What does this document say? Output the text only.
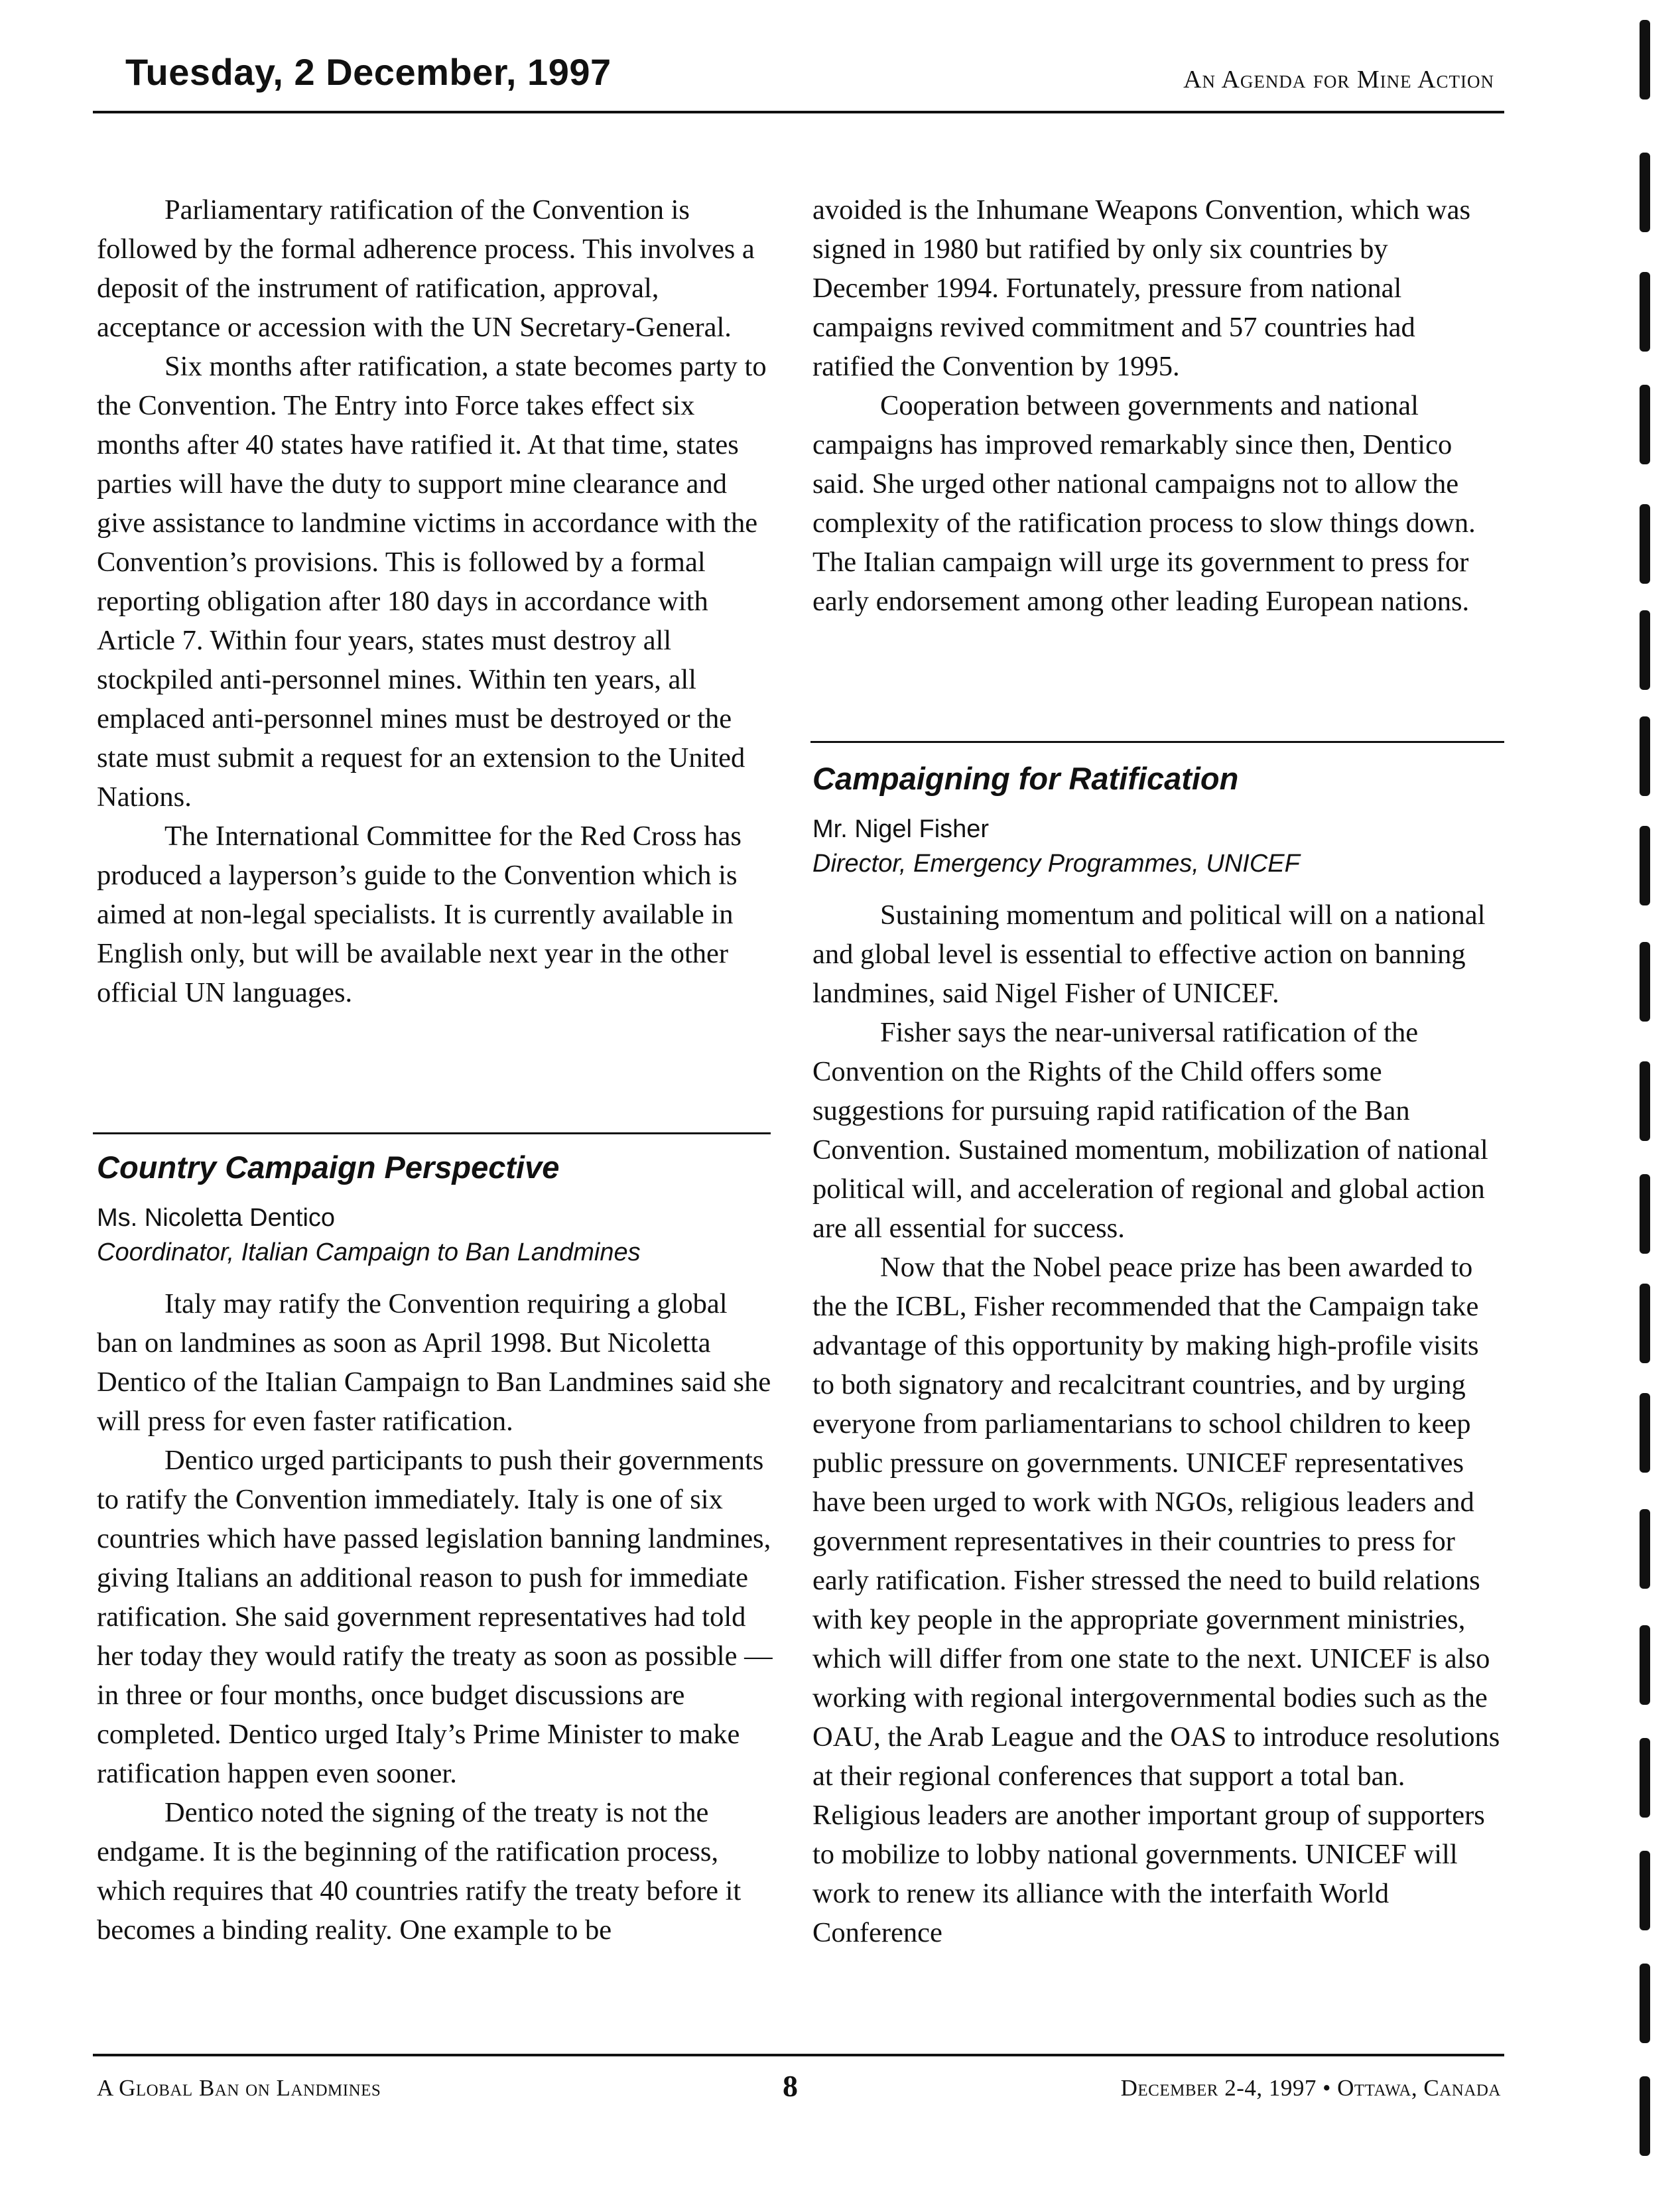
Tuesday, 2 December, 1997	An Agenda for Mine Action

Parliamentary ratification of the Convention is followed by the formal adherence process. This involves a deposit of the instrument of ratification, approval, acceptance or accession with the UN Secretary-General.

Six months after ratification, a state becomes party to the Convention. The Entry into Force takes effect six months after 40 states have ratified it. At that time, states parties will have the duty to support mine clearance and give assistance to landmine victims in accordance with the Convention’s provisions. This is followed by a formal reporting obligation after 180 days in accordance with Article 7. Within four years, states must destroy all stockpiled anti-personnel mines. Within ten years, all emplaced anti-personnel mines must be destroyed or the state must submit a request for an extension to the United Nations.

The International Committee for the Red Cross has produced a layperson’s guide to the Convention which is aimed at non-legal specialists. It is currently available in English only, but will be available next year in the other official UN languages.

Country Campaign Perspective

Ms. Nicoletta Dentico

Coordinator, Italian Campaign to Ban Landmines

Italy may ratify the Convention requiring a global ban on landmines as soon as April 1998. But Nicoletta Dentico of the Italian Campaign to Ban Landmines said she will press for even faster ratification.

Dentico urged participants to push their governments to ratify the Convention immediately. Italy is one of six countries which have passed legislation banning landmines, giving Italians an additional reason to push for immediate ratification. She said government representatives had told her today they would ratify the treaty as soon as possible — in three or four months, once budget discussions are completed. Dentico urged Italy’s Prime Minister to make ratification happen even sooner.

Dentico noted the signing of the treaty is not the endgame. It is the beginning of the ratification process, which requires that 40 countries ratify the treaty before it becomes a binding reality. One example to be

avoided is the Inhumane Weapons Convention, which was signed in 1980 but ratified by only six countries by December 1994. Fortunately, pressure from national campaigns revived commitment and 57 countries had ratified the Convention by 1995.

Cooperation between governments and national campaigns has improved remarkably since then, Dentico said. She urged other national campaigns not to allow the complexity of the ratification process to slow things down. The Italian campaign will urge its government to press for early endorsement among other leading European nations.

Campaigning for Ratification

Mr. Nigel Fisher

Director, Emergency Programmes, UNICEF

Sustaining momentum and political will on a national and global level is essential to effective action on banning landmines, said Nigel Fisher of UNICEF.

Fisher says the near-universal ratification of the Convention on the Rights of the Child offers some suggestions for pursuing rapid ratification of the Ban Convention. Sustained momentum, mobilization of national political will, and acceleration of regional and global action are all essential for success.

Now that the Nobel peace prize has been awarded to the the ICBL, Fisher recommended that the Campaign take advantage of this opportunity by making high-profile visits to both signatory and recalcitrant countries, and by urging everyone from parliamentarians to school children to keep public pressure on governments. UNICEF representatives have been urged to work with NGOs, religious leaders and government representatives in their countries to press for early ratification. Fisher stressed the need to build relations with key people in the appropriate government ministries, which will differ from one state to the next. UNICEF is also working with regional intergovernmental bodies such as the OAU, the Arab League and the OAS to introduce resolutions at their regional conferences that support a total ban. Religious leaders are another important group of supporters to mobilize to lobby national governments. UNICEF will work to renew its alliance with the interfaith World Conference

A Global Ban on Landmines	8	December 2-4, 1997 • Ottawa, Canada
